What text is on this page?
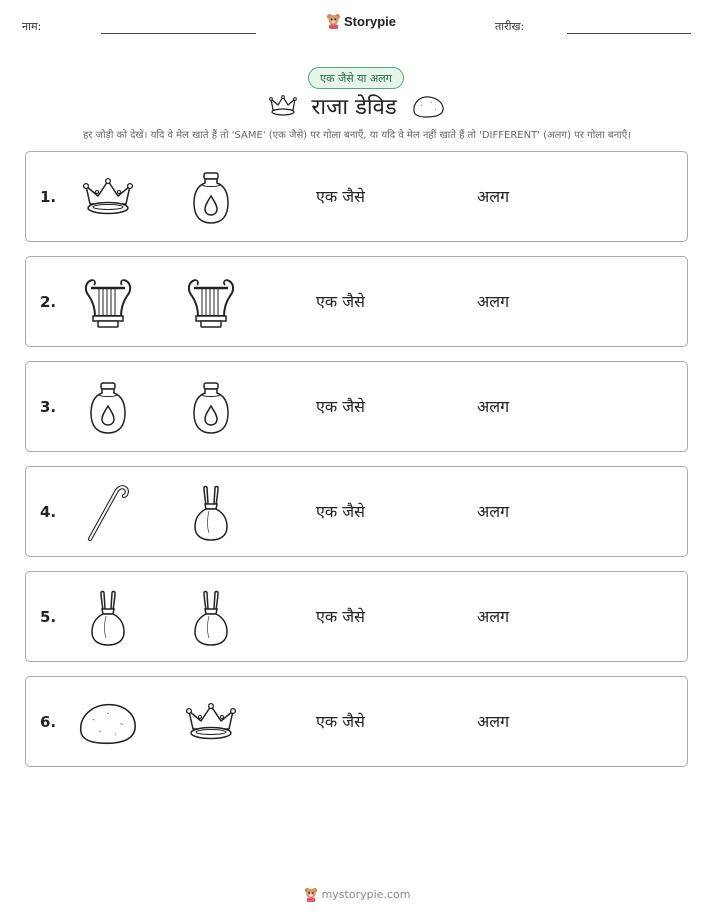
नाम:	Storypie	तारीख:
एक जैसे या अलग
राजा डेविड
हर जोड़ी को देखें। यदि वे मेल खाते हैं तो 'SAME' (एक जैसे) पर गोला बनाएँ, या यदि वे मेल नहीं खाते हैं तो 'DIFFERENT' (अलग) पर गोला बनाएँ।
1.	एक जैसे	अलग
2.	एक जैसे	अलग
3.	एक जैसे	अलग
4.	एक जैसे	अलग
5.	एक जैसे	अलग
6.	एक जैसे	अलग
mystorypie.com
